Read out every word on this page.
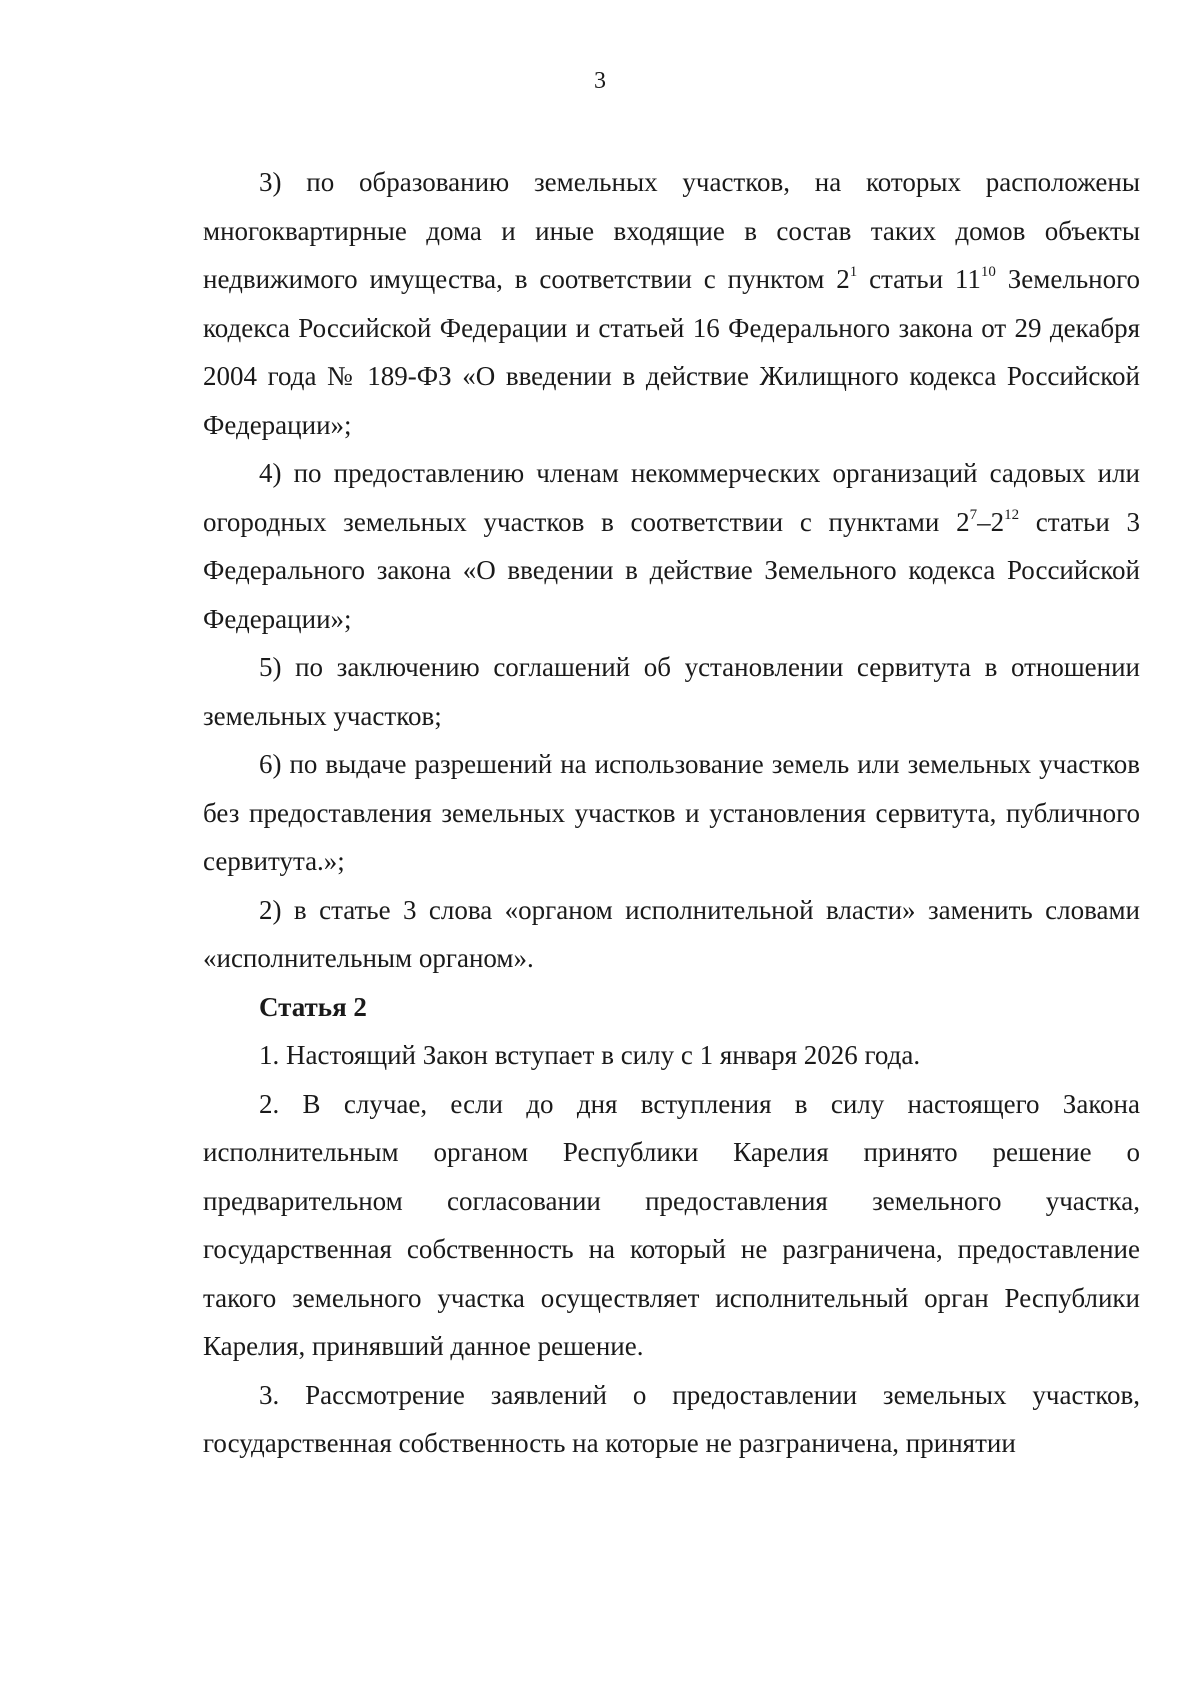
3

3) по образованию земельных участков, на которых расположены многоквартирные дома и иные входящие в состав таких домов объекты недвижимого имущества, в соответствии с пунктом $2^1$ статьи $11^{10}$ Земельного кодекса Российской Федерации и статьей 16 Федерального закона от 29 декабря 2004 года № 189-ФЗ «О введении в действие Жилищного кодекса Российской Федерации»;

4) по предоставлению членам некоммерческих организаций садовых или огородных земельных участков в соответствии с пунктами $2^7-2^{12}$ статьи 3 Федерального закона «О введении в действие Земельного кодекса Российской Федерации»;

5) по заключению соглашений об установлении сервитута в отношении земельных участков;

6) по выдаче разрешений на использование земель или земельных участков без предоставления земельных участков и установления сервитута, публичного сервитута.»;

2) в статье 3 слова «органом исполнительной власти» заменить словами «исполнительным органом».

Статья 2

1. Настоящий Закон вступает в силу с 1 января 2026 года.

2. В случае, если до дня вступления в силу настоящего Закона исполнительным органом Республики Карелия принято решение о предварительном согласовании предоставления земельного участка, государственная собственность на который не разграничена, предоставление такого земельного участка осуществляет исполнительный орган Республики Карелия, принявший данное решение.

3. Рассмотрение заявлений о предоставлении земельных участков, государственная собственность на которые не разграничена, принятии
